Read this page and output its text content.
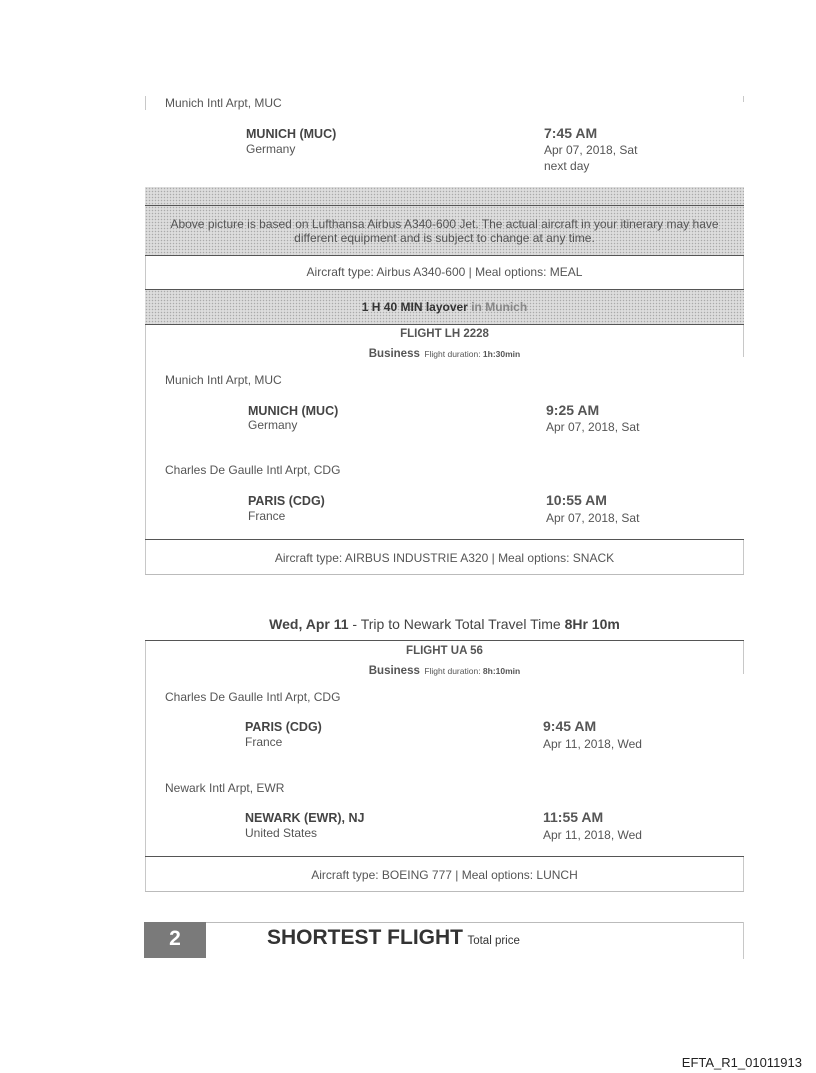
Munich Intl Arpt, MUC
MUNICH (MUC)
Germany
7:45 AM
Apr 07, 2018, Sat
next day
Above picture is based on Lufthansa Airbus A340-600 Jet. The actual aircraft in your itinerary may have
different equipment and is subject to change at any time.
Aircraft type: Airbus A340-600 | Meal options: MEAL
1 H 40 MIN layover in Munich
FLIGHT LH 2228
Business Flight duration: 1h:30min
Munich Intl Arpt, MUC
MUNICH (MUC)
Germany
9:25 AM
Apr 07, 2018, Sat
Charles De Gaulle Intl Arpt, CDG
PARIS (CDG)
France
10:55 AM
Apr 07, 2018, Sat
Aircraft type: AIRBUS INDUSTRIE A320 | Meal options: SNACK
Wed, Apr 11 - Trip to Newark Total Travel Time 8Hr 10m
FLIGHT UA 56
Business Flight duration: 8h:10min
Charles De Gaulle Intl Arpt, CDG
PARIS (CDG)
France
9:45 AM
Apr 11, 2018, Wed
Newark Intl Arpt, EWR
NEWARK (EWR), NJ
United States
11:55 AM
Apr 11, 2018, Wed
Aircraft type: BOEING 777 | Meal options: LUNCH
2	SHORTEST FLIGHT Total price
EFTA_R1_01011913
